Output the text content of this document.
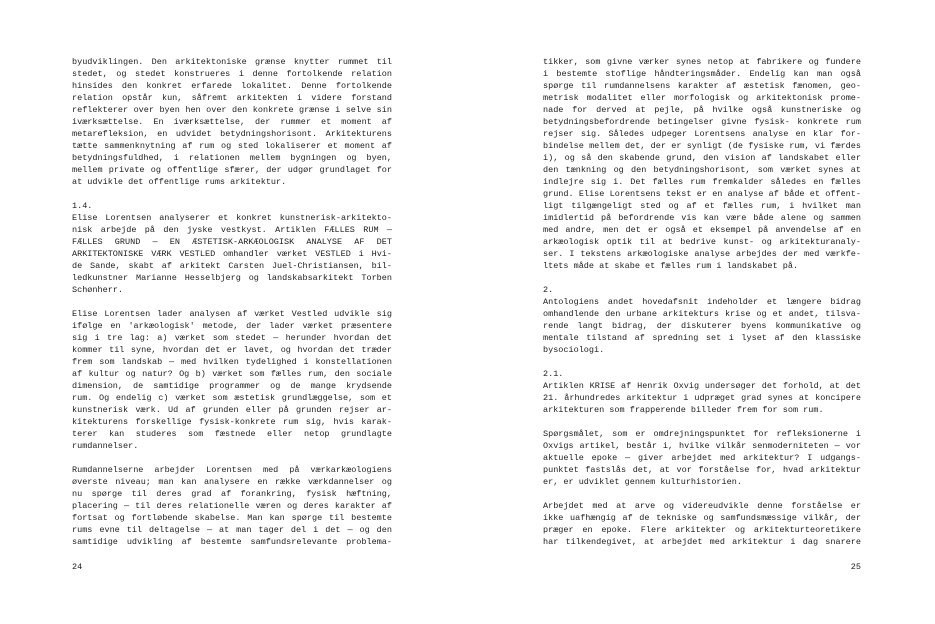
byudviklingen. Den arkitektoniske grænse knytter rummet til
stedet, og stedet konstrueres i denne fortolkende relation
hinsides den konkret erfarede lokalitet. Denne fortolkende
relation opstår kun, såfremt arkitekten i videre forstand
reflekterer over byen hen over den konkrete grænse i selve sin
iværksættelse. En iværksættelse, der rummer et moment af
metarefleksion, en udvidet betydningshorisont. Arkitekturens
tætte sammenknytning af rum og sted lokaliserer et moment af
betydningsfuldhed, i relationen mellem bygningen og byen,
mellem private og offentlige sfærer, der udgør grundlaget for
at udvikle det offentlige rums arkitektur.
1.4.
Elise Lorentsen analyserer et konkret kunstnerisk-arkitekto-
nisk arbejde på den jyske vestkyst. Artiklen FÆLLES RUM —
FÆLLES GRUND — EN ÆSTETISK-ARKÆOLOGISK ANALYSE AF DET
ARKITEKTONISKE VÆRK VESTLED omhandler værket VESTLED i Hvi-
de Sande, skabt af arkitekt Carsten Juel-Christiansen, bil-
ledkunstner Marianne Hesselbjerg og landskabsarkitekt Torben
Schønherr.
Elise Lorentsen lader analysen af værket Vestled udvikle sig
ifølge en 'arkæologisk' metode, der lader værket præsentere
sig i tre lag: a) værket som stedet — herunder hvordan det
kommer til syne, hvordan det er lavet, og hvordan det træder
frem som landskab — med hvilken tydelighed i konstellationen
af kultur og natur? Og b) værket som fælles rum, den sociale
dimension, de samtidige programmer og de mange krydsende
rum. Og endelig c) værket som æstetisk grundlæggelse, som et
kunstnerisk værk. Ud af grunden eller på grunden rejser ar-
kitekturens forskellige fysisk-konkrete rum sig, hvis karak-
terer kan studeres som fæstnede eller netop grundlagte
rumdannelser.
Rumdannelserne arbejder Lorentsen med på værkarkæologiens
øverste niveau; man kan analysere en række værkdannelser og
nu spørge til deres grad af forankring, fysisk hæftning,
placering — til deres relationelle væren og deres karakter af
fortsat og fortløbende skabelse. Man kan spørge til bestemte
rums evne til deltagelse — at man tager del i det — og den
samtidige udvikling af bestemte samfundsrelevante problema-
tikker, som givne værker synes netop at fabrikere og fundere
i bestemte stoflige håndteringsmåder. Endelig kan man også
spørge til rumdannelsens karakter af æstetisk fænomen, geo-
metrisk modalitet eller morfologisk og arkitektonisk prome-
nade for derved at pejle, på hvilke også kunstneriske og
betydningsbefordrende betingelser givne fysisk- konkrete rum
rejser sig. Således udpeger Lorentsens analyse en klar for-
bindelse mellem det, der er synligt (de fysiske rum, vi færdes
i), og så den skabende grund, den vision af landskabet eller
den tænkning og den betydningshorisont, som værket synes at
indlejre sig i. Det fælles rum fremkalder således en fælles
grund. Elise Lorentsens tekst er en analyse af både et offent-
ligt tilgængeligt sted og af et fælles rum, i hvilket man
imidlertid på befordrende vis kan være både alene og sammen
med andre, men det er også et eksempel på anvendelse af en
arkæologisk optik til at bedrive kunst- og arkitekturanaly-
ser. I tekstens arkæologiske analyse arbejdes der med værkfe-
ltets måde at skabe et fælles rum i landskabet på.
2.
Antologiens andet hovedafsnit indeholder et længere bidrag
omhandlende den urbane arkitekturs krise og et andet, tilsva-
rende langt bidrag, der diskuterer byens kommunikative og
mentale tilstand af spredning set i lyset af den klassiske
bysociologi.
2.1.
Artiklen KRISE af Henrik Oxvig undersøger det forhold, at det
21. århundredes arkitektur i udpræget grad synes at koncipere
arkitekturen som frapperende billeder frem for som rum.
Spørgsmålet, som er omdrejningspunktet for refleksionerne i
Oxvigs artikel, består i, hvilke vilkår senmoderniteten — vor
aktuelle epoke — giver arbejdet med arkitektur? I udgangs-
punktet fastslås det, at vor forståelse for, hvad arkitektur
er, er udviklet gennem kulturhistorien.
Arbejdet med at arve og videreudvikle denne forståelse er
ikke uafhængig af de tekniske og samfundsmæssige vilkår, der
præger en epoke. Flere arkitekter og arkitekturteoretikere
har tilkendegivet, at arbejdet med arkitektur i dag snarere
24	25
